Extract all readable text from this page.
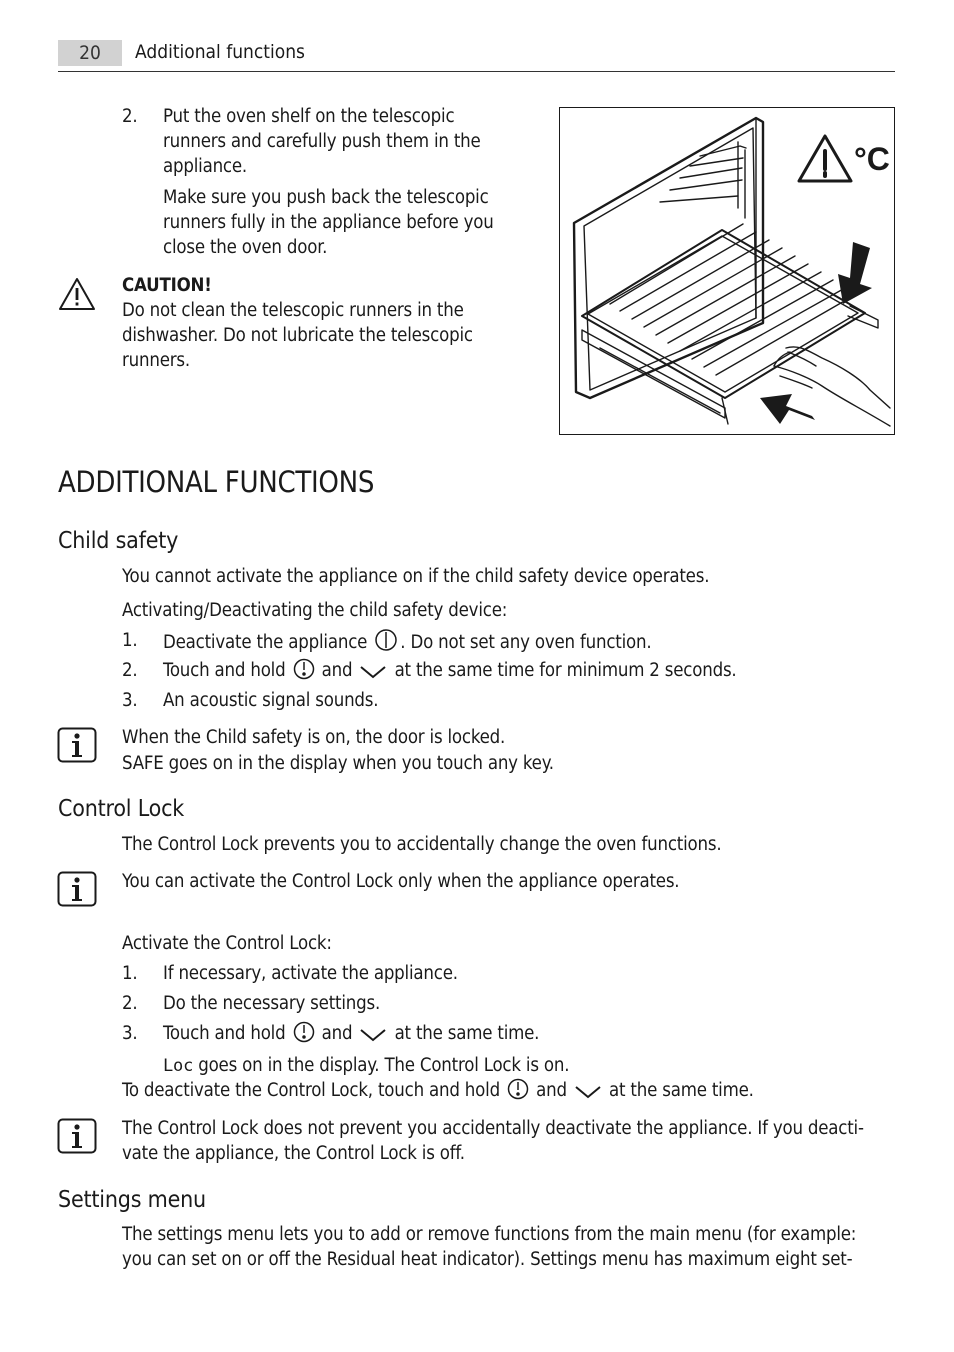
20	Additional functions
2. Put the oven shelf on the telescopic
runners and carefully push them in the
appliance.
Make sure you push back the telescopic
runners fully in the appliance before you
close the oven door.
CAUTION!
Do not clean the telescopic runners in the
dishwasher. Do not lubricate the telescopic
runners.
°C
ADDITIONAL FUNCTIONS
Child safety
You cannot activate the appliance on if the child safety device operates.
Activating/Deactivating the child safety device:
1. Deactivate the appliance . Do not set any oven function.
2. Touch and hold and at the same time for minimum 2 seconds.
3. An acoustic signal sounds.
When the Child safety is on, the door is locked.
SAFE goes on in the display when you touch any key.
Control Lock
The Control Lock prevents you to accidentally change the oven functions.
You can activate the Control Lock only when the appliance operates.
Activate the Control Lock:
1. If necessary, activate the appliance.
2. Do the necessary settings.
3. Touch and hold and at the same time.
Loc goes on in the display. The Control Lock is on.
To deactivate the Control Lock, touch and hold and at the same time.
The Control Lock does not prevent you accidentally deactivate the appliance. If you deacti-
vate the appliance, the Control Lock is off.
Settings menu
The settings menu lets you to add or remove functions from the main menu (for example:
you can set on or off the Residual heat indicator). Settings menu has maximum eight set-
